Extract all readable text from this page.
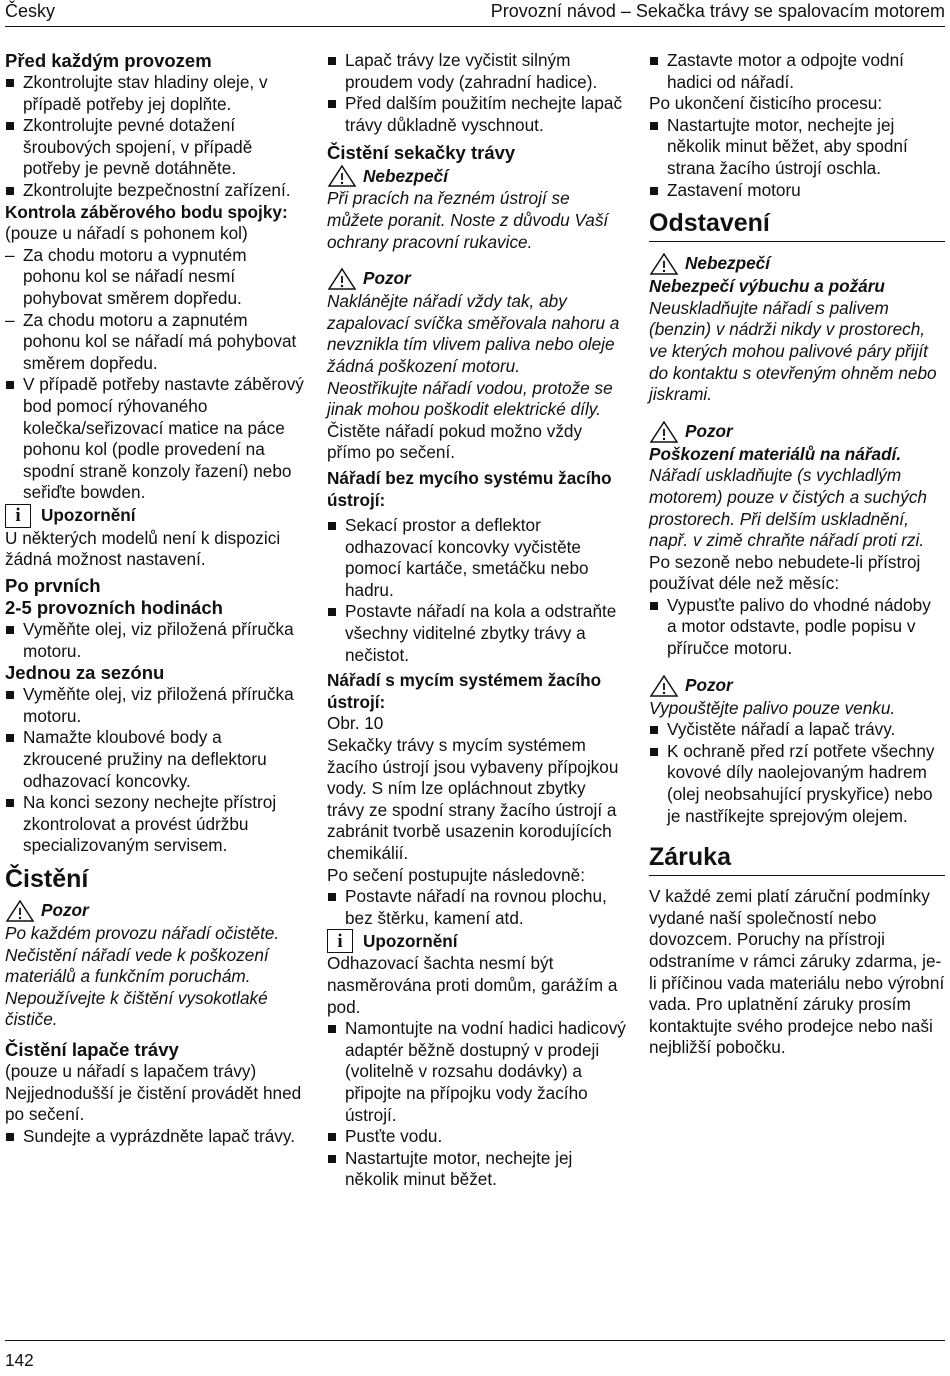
Česky	Provozní návod – Sekačka trávy se spalovacím motorem
Před každým provozem
Zkontrolujte stav hladiny oleje, v případě potřeby jej doplňte.
Zkontrolujte pevné dotažení šroubových spojení, v případě potřeby je pevně dotáhněte.
Zkontrolujte bezpečnostní zařízení.
Kontrola záběrového bodu spojky:
(pouze u nářadí s pohonem kol)
– Za chodu motoru a vypnutém pohonu kol se nářadí nesmí pohybovat směrem dopředu.
– Za chodu motoru a zapnutém pohonu kol se nářadí má pohybovat směrem dopředu.
V případě potřeby nastavte záběrový bod pomocí rýhovaného kolečka/seřizovací matice na páce pohonu kol (podle provedení na spodní straně konzoly řazení) nebo seřiďte bowden.
i	Upozornění
U některých modelů není k dispozici žádná možnost nastavení.
Po prvních
2-5 provozních hodinách
Vyměňte olej, viz přiložená příručka motoru.
Jednou za sezónu
Vyměňte olej, viz přiložená příručka motoru.
Namažte kloubové body a zkroucené pružiny na deflektoru odhazovací koncovky.
Na konci sezony nechejte přístroj zkontrolovat a provést údržbu specializovaným servisem.
Čistění
Pozor
Po každém provozu nářadí očistěte. Nečistění nářadí vede k poškození materiálů a funkčním poruchám.
Nepoužívejte k čištění vysokotlaké čističe.
Čistění lapače trávy
(pouze u nářadí s lapačem trávy)
Nejjednodušší je čistění provádět hned po sečení.
Sundejte a vyprázdněte lapač trávy.
Lapač trávy lze vyčistit silným proudem vody (zahradní hadice).
Před dalším použitím nechejte lapač trávy důkladně vyschnout.
Čistění sekačky trávy
Nebezpečí
Při pracích na řezném ústrojí se můžete poranit. Noste z důvodu Vaší ochrany pracovní rukavice.
Pozor
Naklánějte nářadí vždy tak, aby zapalovací svíčka směřovala nahoru a nevznikla tím vlivem paliva nebo oleje žádná poškození motoru.
Neostřikujte nářadí vodou, protože se jinak mohou poškodit elektrické díly.
Čistěte nářadí pokud možno vždy přímo po sečení.
Nářadí bez mycího systému žacího ústrojí:
Sekací prostor a deflektor odhazovací koncovky vyčistěte pomocí kartáče, smetáčku nebo hadru.
Postavte nářadí na kola a odstraňte všechny viditelné zbytky trávy a nečistot.
Nářadí s mycím systémem žacího ústrojí:
Obr. 10
Sekačky trávy s mycím systémem žacího ústrojí jsou vybaveny přípojkou vody. S ním lze opláchnout zbytky trávy ze spodní strany žacího ústrojí a zabránit tvorbě usazenin korodujících chemikálií.
Po sečení postupujte následovně:
Postavte nářadí na rovnou plochu, bez štěrku, kamení atd.
i	Upozornění
Odhazovací šachta nesmí být nasměrována proti domům, garážím a pod.
Namontujte na vodní hadici hadicový adaptér běžně dostupný v prodeji (volitelně v rozsahu dodávky) a připojte na přípojku vody žacího ústrojí.
Pusťte vodu.
Nastartujte motor, nechejte jej několik minut běžet.
Zastavte motor a odpojte vodní hadici od nářadí.
Po ukončení čisticího procesu:
Nastartujte motor, nechejte jej několik minut běžet, aby spodní strana žacího ústrojí oschla.
Zastavení motoru
Odstavení
Nebezpečí
Nebezpečí výbuchu a požáru
Neuskladňujte nářadí s palivem (benzin) v nádrži nikdy v prostorech, ve kterých mohou palivové páry přijít do kontaktu s otevřeným ohněm nebo jiskrami.
Pozor
Poškození materiálů na nářadí.
Nářadí uskladňujte (s vychladlým motorem) pouze v čistých a suchých prostorech. Při delším uskladnění, např. v zimě chraňte nářadí proti rzi.
Po sezoně nebo nebudete-li přístroj používat déle než měsíc:
Vypusťte palivo do vhodné nádoby a motor odstavte, podle popisu v příručce motoru.
Pozor
Vypouštějte palivo pouze venku.
Vyčistěte nářadí a lapač trávy.
K ochraně před rzí potřete všechny kovové díly naolejovaným hadrem (olej neobsahující pryskyřice) nebo je nastříkejte sprejovým olejem.
Záruka
V každé zemi platí záruční podmínky vydané naší společností nebo dovozcem. Poruchy na přístroji odstraníme v rámci záruky zdarma, je-li příčinou vada materiálu nebo výrobní vada. Pro uplatnění záruky prosím kontaktujte svého prodejce nebo naši nejbližší pobočku.
142
